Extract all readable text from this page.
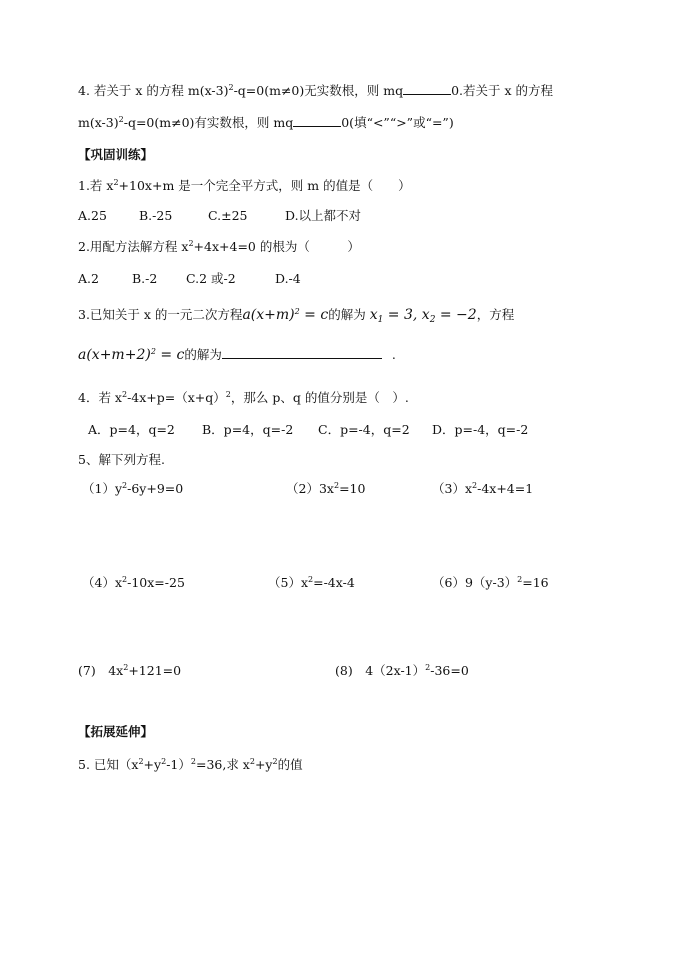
4. 若关于 x 的方程 $m(x-3)^2-q=0(m\ne 0)$无实数根，则 mq	0.若关于 x 的方程
$m(x-3)^2-q=0(m\ne 0)$有实数根，则 mq	0(填“<”“>”或“=”)
【巩固训练】
1.若 $x^2+10x+m$ 是一个完全平方式，则 m 的值是（　　）
A.25	B.-25	C.±25	D.以上都不对
2.用配方法解方程 $x^2+4x+4=0$ 的根为（　　　）
A.2	B.-2 C.2 或-2	D.-4
3.已知关于 x 的一元二次方程$a(x+m)^2 = c$的解为 $x_1 = 3$, $x_2 = -2$，方程
$a(x+m+2)^2 = c$的解为	.
4．若 $x^2-4x+p=(x+q)^2$，那么 p、q 的值分别是（　）.
A．p=4，q=2 B．p=4，q=-2 C．p=-4，q=2 D．p=-4，q=-2
5、解下列方程.
$(1)y^2-6y+9=0$	$(2)3x^2=10$	$(3)x^2-4x+4=1$
$(4)x^2-10x=-25$	$(5)x^2=-4x-4$	$(6)9(y-3)^2=16$
(7)　$4x^2+121=0$	(8)　$4(2x-1)^2-36=0$
【拓展延伸】
5. 已知$(x^2+y^2-1)^2=36$,求 $x^2+y^2$的值
